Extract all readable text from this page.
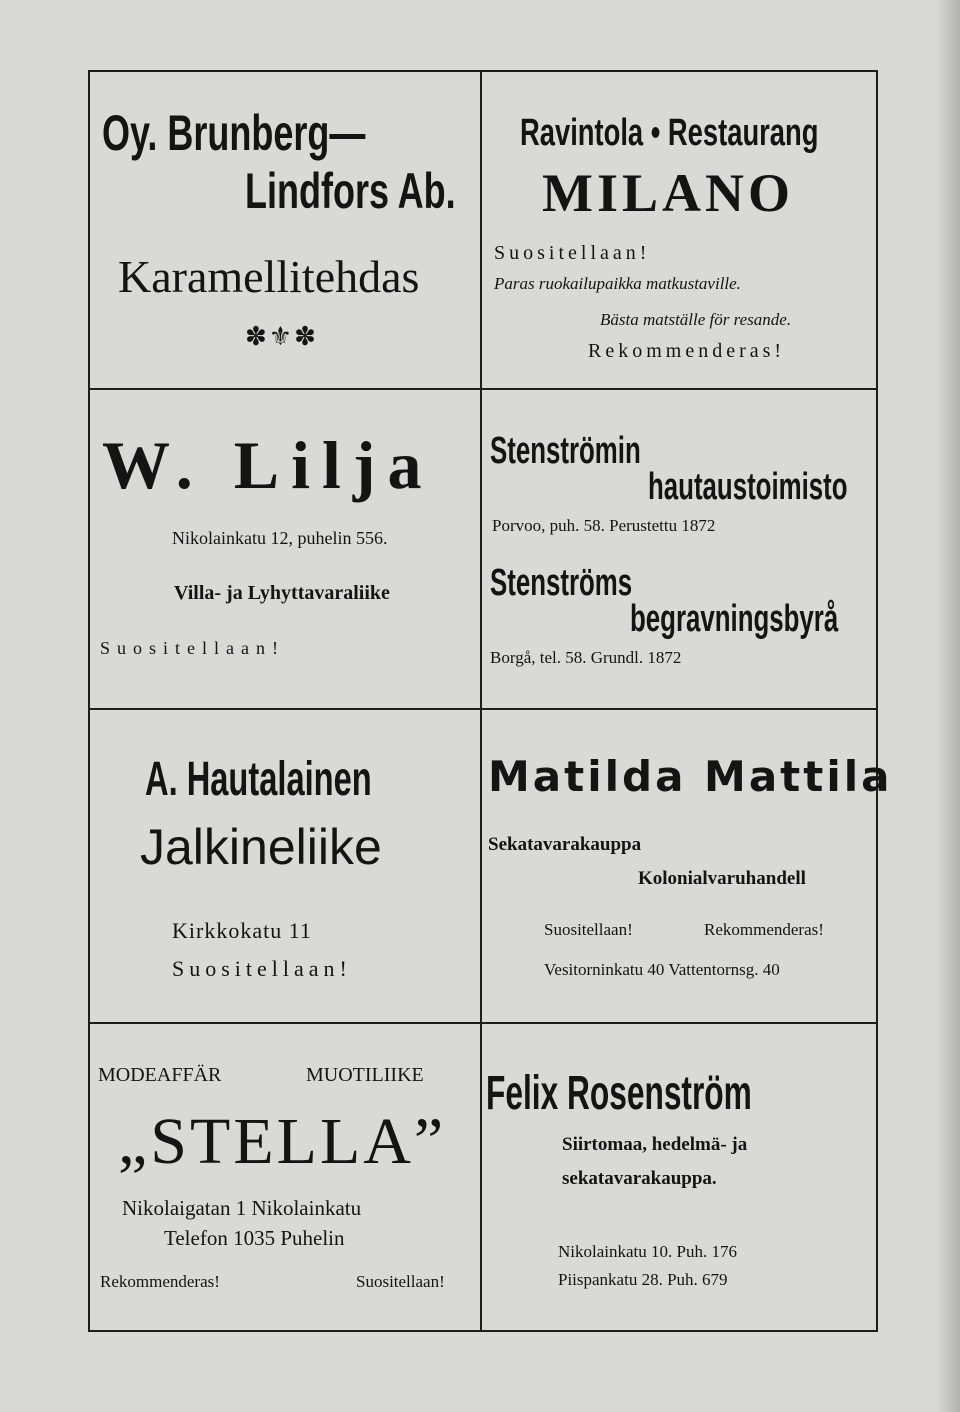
Oy. Brunberg—
Lindfors Ab.
Karamellitehdas
✽⚜✽
Ravintola • Restaurang
MILANO
Suositellaan!
Paras ruokailupaikka matkustaville.
Bästa matställe för resande.
Rekommenderas!
W. Lilja
Nikolainkatu 12, puhelin 556.
Villa- ja Lyhyttavaraliike
Suositellaan!
Stenströmin
hautaustoimisto
Porvoo, puh. 58. Perustettu 1872
Stenströms
begravningsbyrå
Borgå, tel. 58. Grundl. 1872
A. Hautalainen
Jalkineliike
Kirkkokatu 11
Suositellaan!
Matilda Mattila
Sekatavarakauppa
Kolonialvaruhandell
Suositellaan!	Rekommenderas!
Vesitorninkatu 40 Vattentornsg. 40
MODEAFFÄR	MUOTILIIKE
„STELLA”
Nikolaigatan 1 Nikolainkatu
Telefon 1035 Puhelin
Rekommenderas!	Suositellaan!
Felix Rosenström
Siirtomaa, hedelmä- ja
sekatavarakauppa.
Nikolainkatu 10. Puh. 176
Piispankatu 28. Puh. 679
